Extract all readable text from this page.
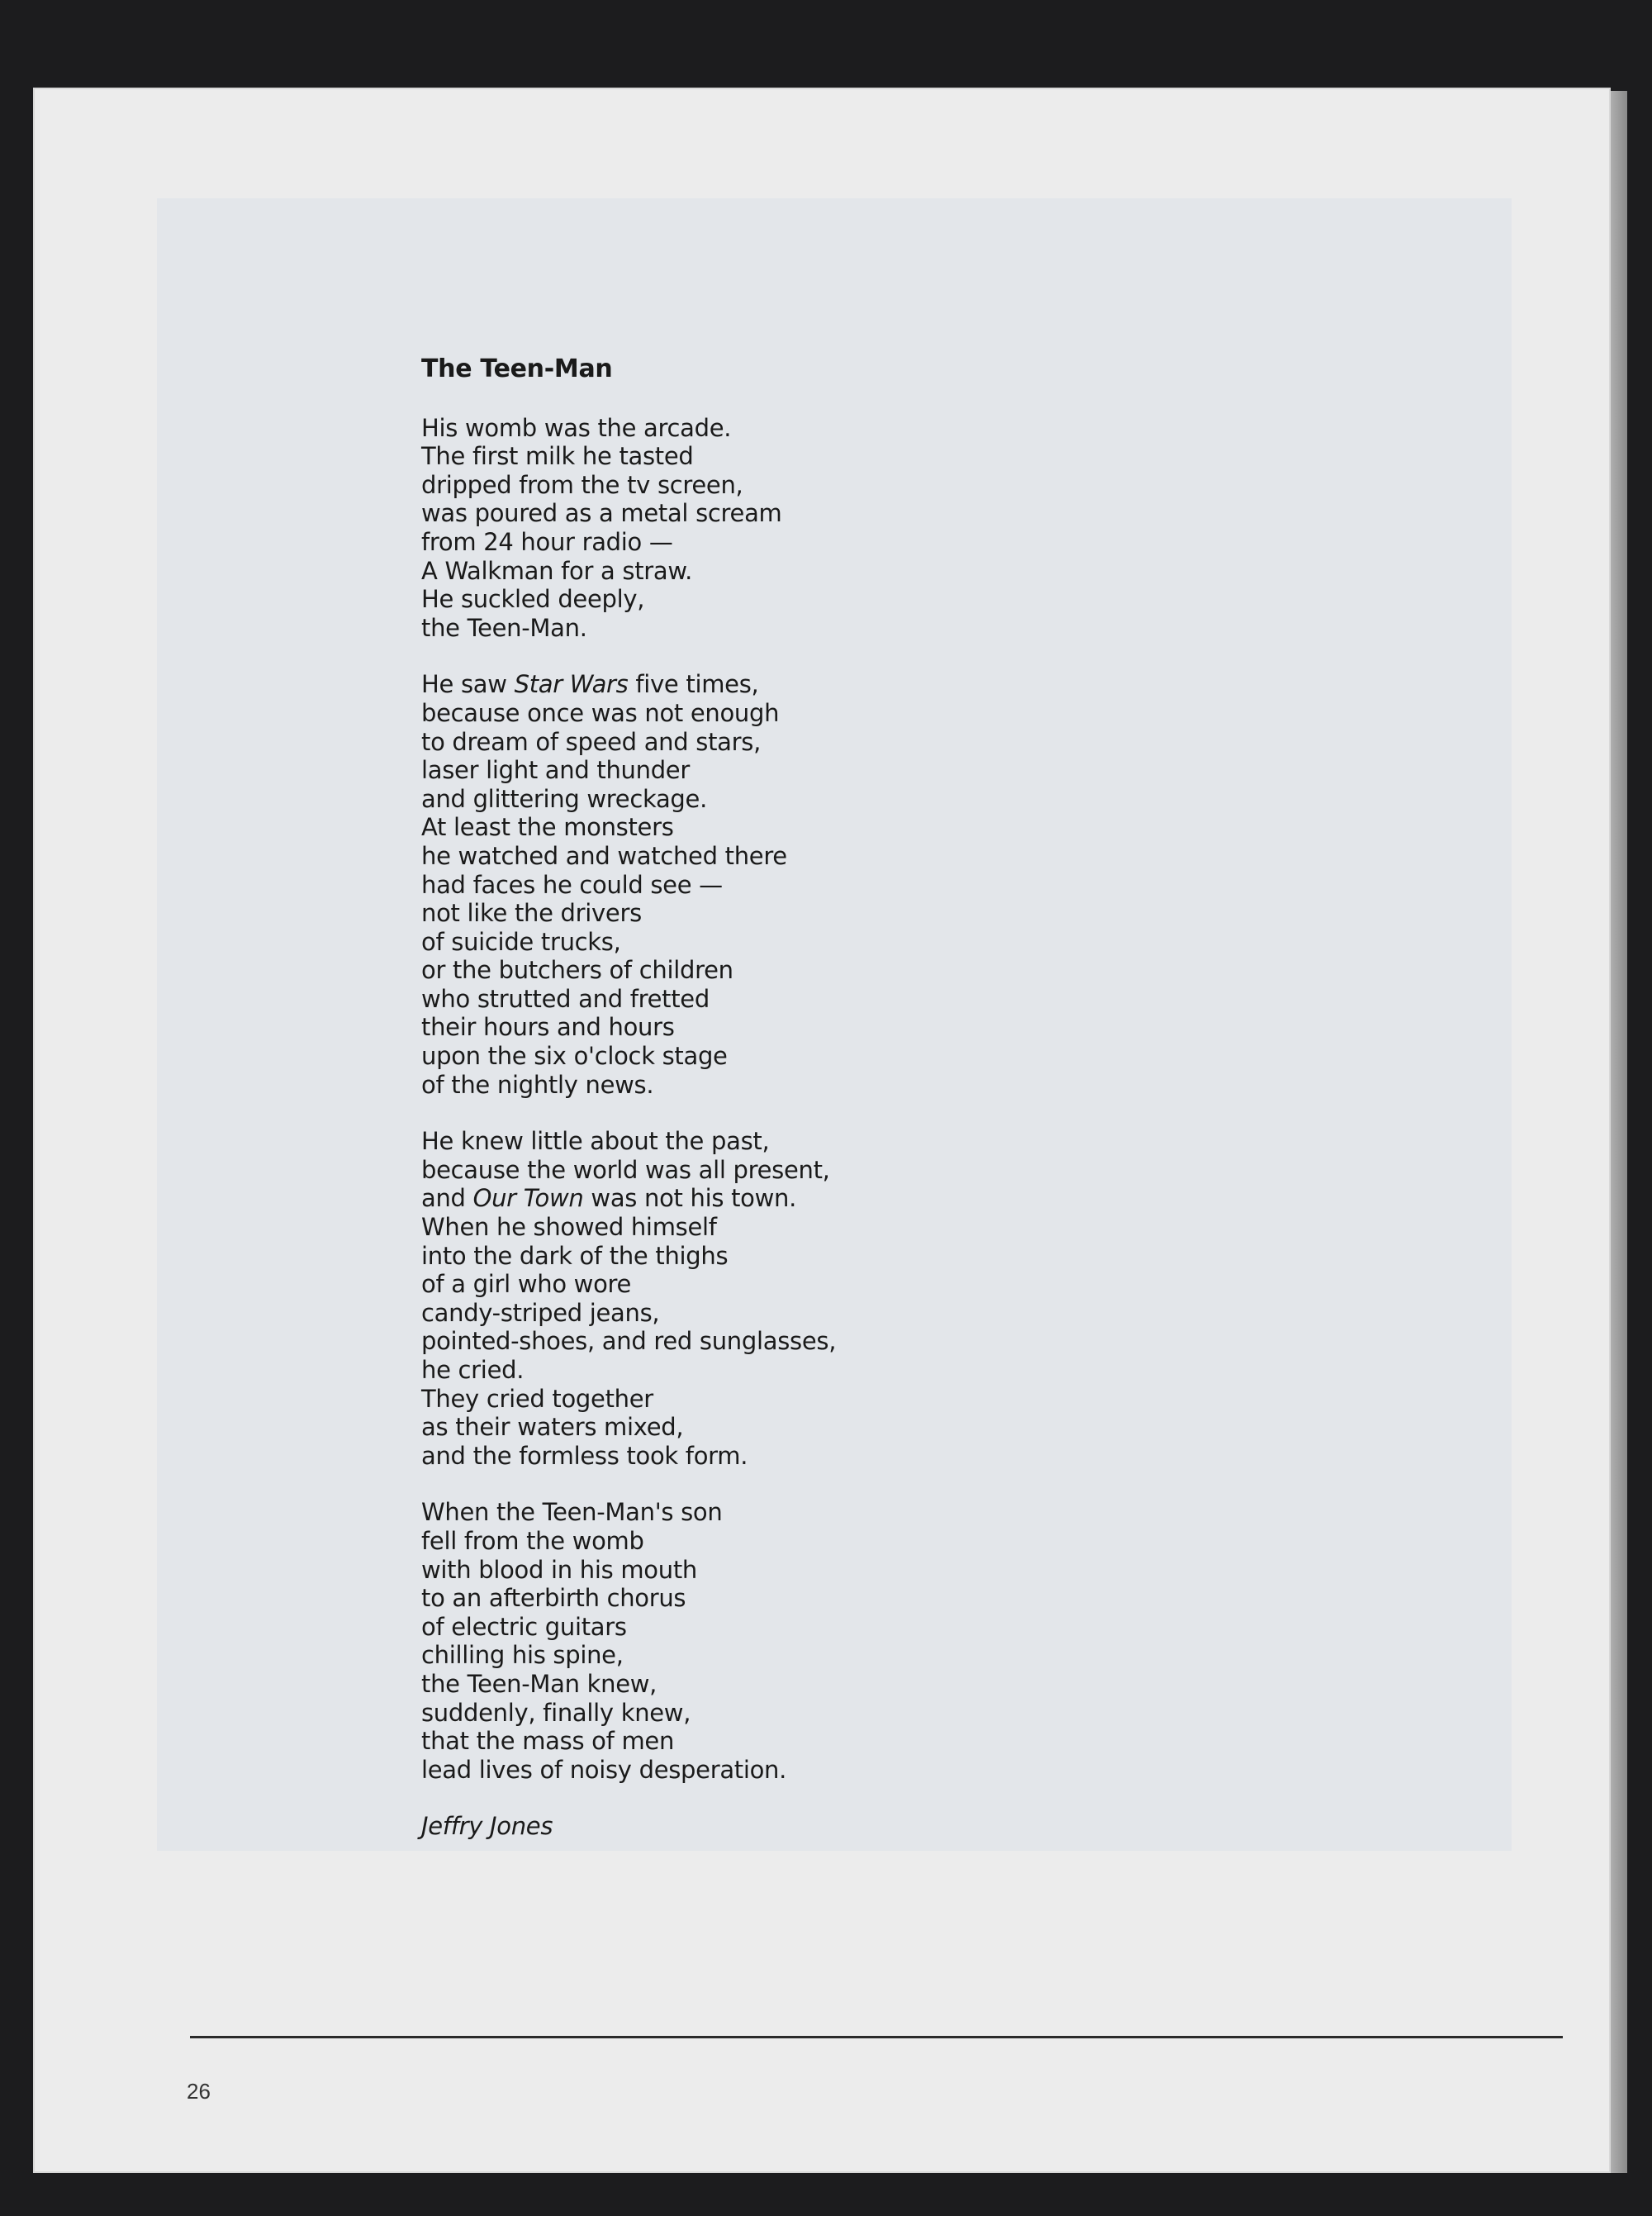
The Teen-Man
His womb was the arcade.
The first milk he tasted
dripped from the tv screen,
was poured as a metal scream
from 24 hour radio —
A Walkman for a straw.
He suckled deeply,
the Teen-Man.
He saw Star Wars five times,
because once was not enough
to dream of speed and stars,
laser light and thunder
and glittering wreckage.
At least the monsters
he watched and watched there
had faces he could see —
not like the drivers
of suicide trucks,
or the butchers of children
who strutted and fretted
their hours and hours
upon the six o'clock stage
of the nightly news.
He knew little about the past,
because the world was all present,
and Our Town was not his town.
When he showed himself
into the dark of the thighs
of a girl who wore
candy-striped jeans,
pointed-shoes, and red sunglasses,
he cried.
They cried together
as their waters mixed,
and the formless took form.
When the Teen-Man's son
fell from the womb
with blood in his mouth
to an afterbirth chorus
of electric guitars
chilling his spine,
the Teen-Man knew,
suddenly, finally knew,
that the mass of men
lead lives of noisy desperation.
Jeffry Jones
26
